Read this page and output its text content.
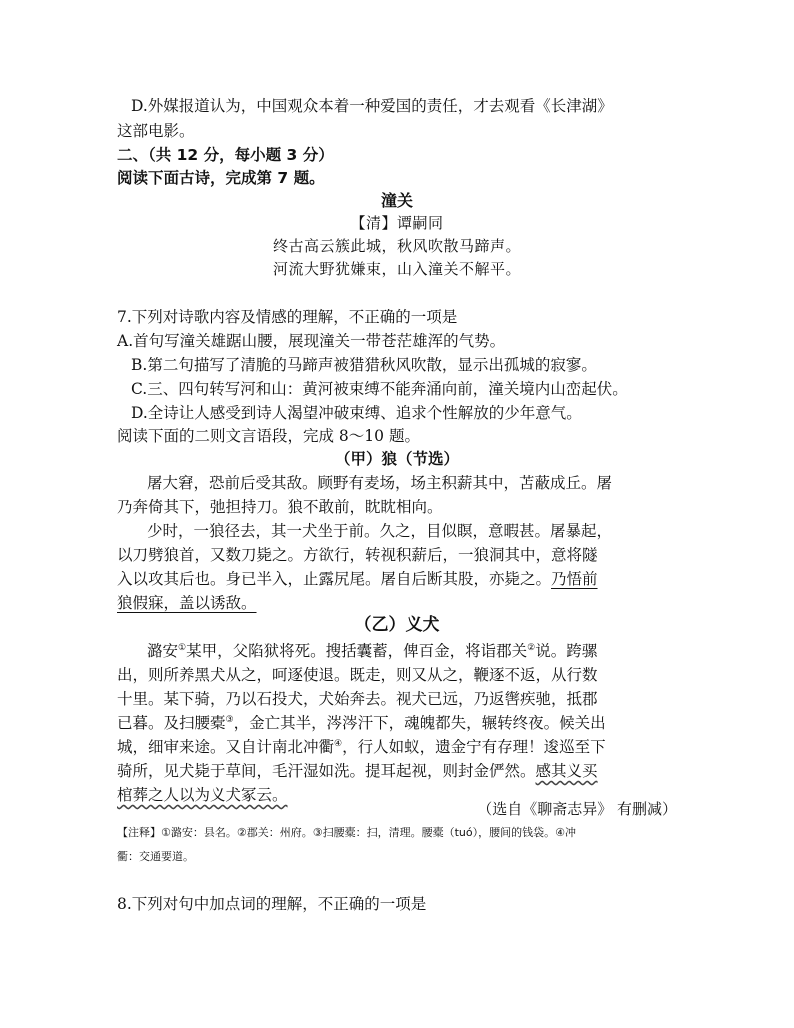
D.外媒报道认为，中国观众本着一种爱国的责任，才去观看《长津湖》
这部电影。
二、（共 12 分，每小题 3 分）
阅读下面古诗，完成第 7 题。
潼关
【清】谭嗣同
终古高云簇此城，秋风吹散马蹄声。
河流大野犹嫌束，山入潼关不解平。
7.下列对诗歌内容及情感的理解，不正确的一项是
A.首句写潼关雄踞山腰，展现潼关一带苍茫雄浑的气势。
B.第二句描写了清脆的马蹄声被猎猎秋风吹散，显示出孤城的寂寥。
C.三、四句转写河和山：黄河被束缚不能奔涌向前，潼关境内山峦起伏。
D.全诗让人感受到诗人渴望冲破束缚、追求个性解放的少年意气。
阅读下面的二则文言语段，完成 8～10 题。
（甲）狼（节选）
屠大窘，恐前后受其敌。顾野有麦场，场主积薪其中，苫蔽成丘。屠
乃奔倚其下，弛担持刀。狼不敢前，眈眈相向。
少时，一狼径去，其一犬坐于前。久之，目似瞑，意暇甚。屠暴起，
以刀劈狼首，又数刀毙之。方欲行，转视积薪后，一狼洞其中，意将隧
入以攻其后也。身已半入，止露尻尾。屠自后断其股，亦毙之。乃悟前
狼假寐，盖以诱敌。
（乙）义犬
潞安①某甲，父陷狱将死。搜括囊蓄，俾百金，将诣郡关②说。跨骡
出，则所养黑犬从之，呵逐使退。既走，则又从之，鞭逐不返，从行数
十里。某下骑，乃以石投犬，犬始奔去。视犬已远，乃返辔疾驰，抵郡
已暮。及扫腰橐③，金亡其半，涔涔汗下，魂魄都失，辗转终夜。候关出
城，细审来途。又自计南北冲衢④，行人如蚁，遗金宁有存理！逡巡至下
骑所，见犬毙于草间，毛汗湿如洗。提耳起视，则封金俨然。感其义买
棺葬之人以为义犬冢云。
（选自《聊斋志异》 有删减）
【注释】①潞安：县名。②郡关：州府。③扫腰橐：扫，清理。腰橐（tuó），腰间的钱袋。④冲
衢：交通要道。
8.下列对句中加点词的理解，不正确的一项是
